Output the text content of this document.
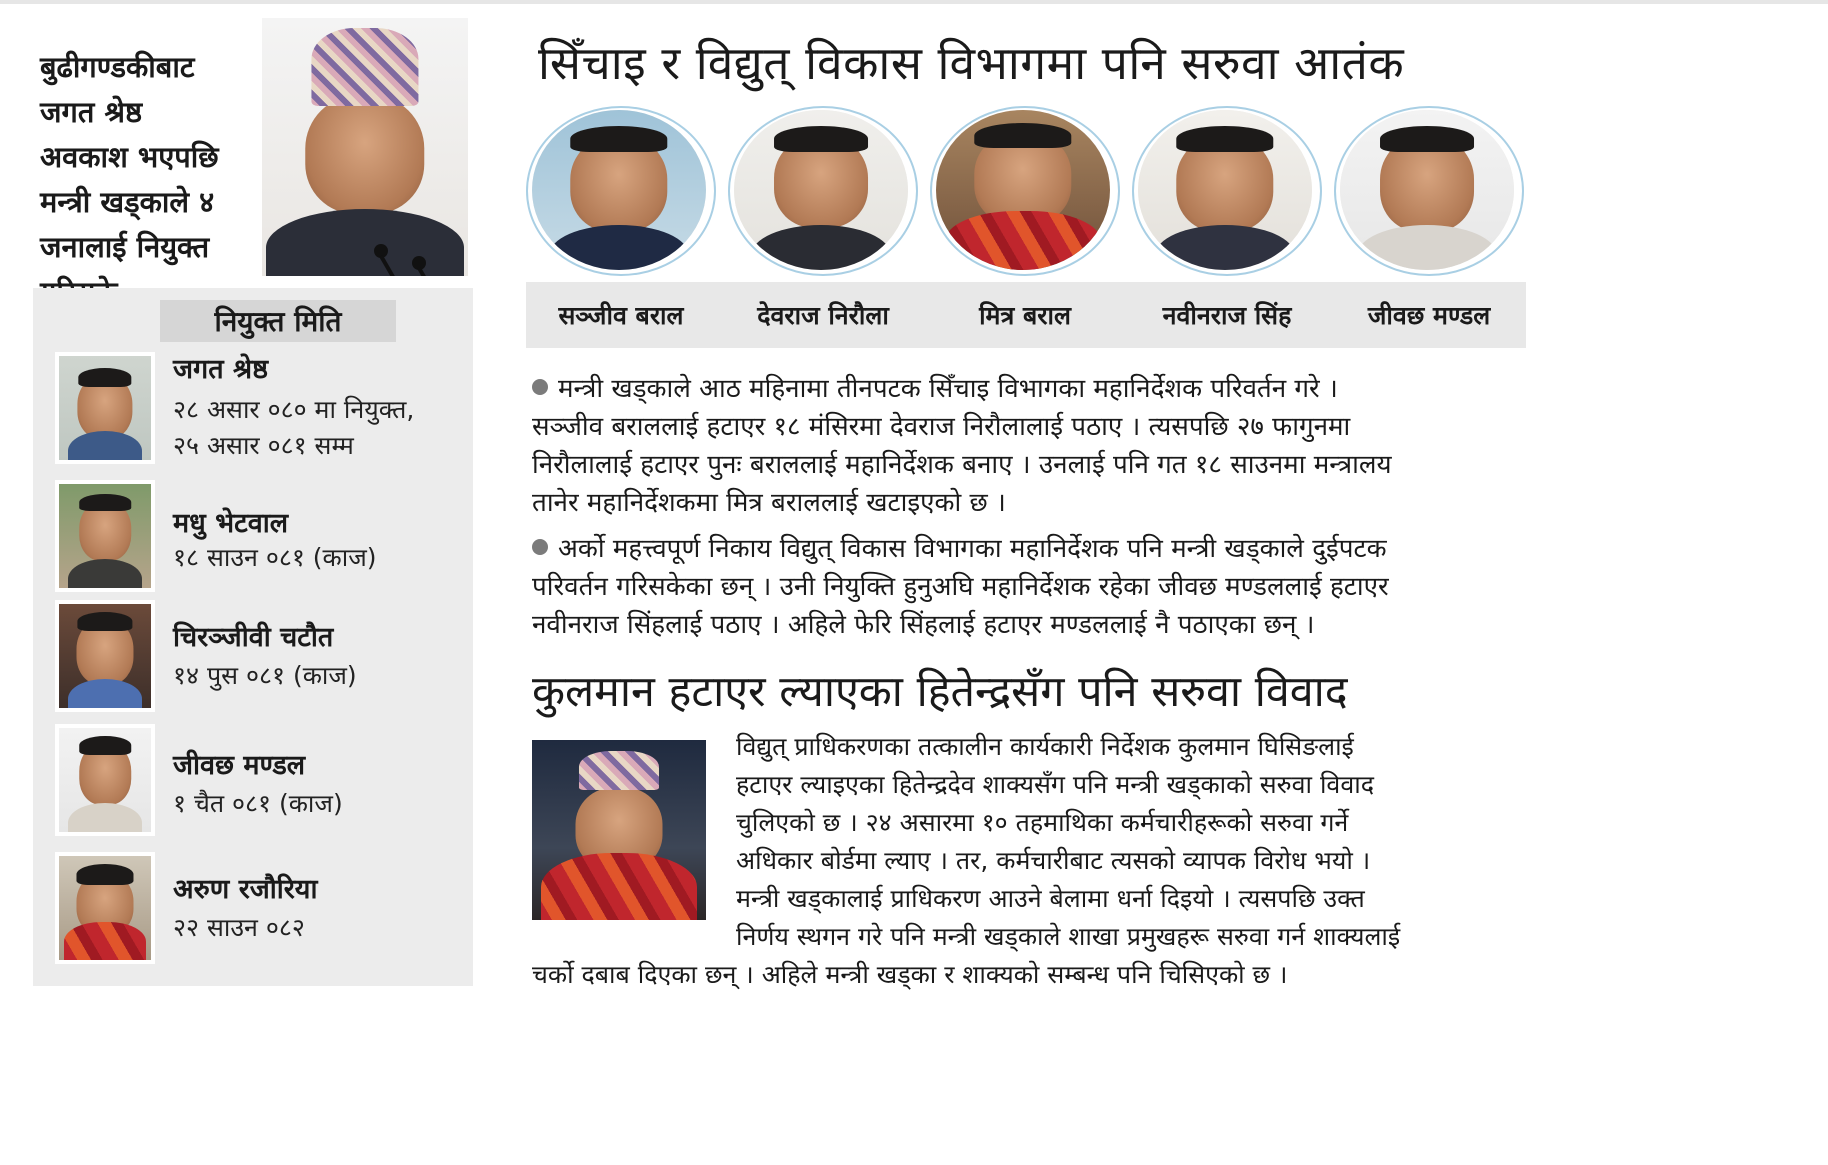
बुढीगण्डकीबाट
जगत श्रेष्ठ
अवकाश भएपछि
मन्त्री खड्काले ४
जनालाई नियुक्त
नियुक्त मिति
जगत श्रेष्ठ
२८ असार ०८० मा नियुक्त,
२५ असार ०८१ सम्म
मधु भेटवाल
१८ साउन ०८१ (काज)
चिरञ्जीवी चटौत
१४ पुस ०८१ (काज)
जीवछ मण्डल
१ चैत ०८१ (काज)
अरुण रजौरिया
२२ साउन ०८२
सिँचाइ र विद्युत् विकास विभागमा पनि सरुवा आतंक
सञ्जीव बराल	देवराज निरौला	मित्र बराल	नवीनराज सिंह	जीवछ मण्डल
मन्त्री खड्काले आठ महिनामा तीनपटक सिँचाइ विभागका महानिर्देशक परिवर्तन गरे ।
सञ्जीव बराललाई हटाएर १८ मंसिरमा देवराज निरौलालाई पठाए । त्यसपछि २७ फागुनमा
निरौलालाई हटाएर पुनः बराललाई महानिर्देशक बनाए । उनलाई पनि गत १८ साउनमा मन्त्रालय
तानेर महानिर्देशकमा मित्र बराललाई खटाइएको छ ।
अर्को महत्त्वपूर्ण निकाय विद्युत् विकास विभागका महानिर्देशक पनि मन्त्री खड्काले दुईपटक
परिवर्तन गरिसकेका छन् । उनी नियुक्ति हुनुअघि महानिर्देशक रहेका जीवछ मण्डललाई हटाएर
नवीनराज सिंहलाई पठाए । अहिले फेरि सिंहलाई हटाएर मण्डललाई नै पठाएका छन् ।
कुलमान हटाएर ल्याएका हितेन्द्रसँग पनि सरुवा विवाद
विद्युत् प्राधिकरणका तत्कालीन कार्यकारी निर्देशक कुलमान घिसिङलाई
हटाएर ल्याइएका हितेन्द्रदेव शाक्यसँग पनि मन्त्री खड्काको सरुवा विवाद
चुलिएको छ । २४ असारमा १० तहमाथिका कर्मचारीहरूको सरुवा गर्ने
अधिकार बोर्डमा ल्याए । तर, कर्मचारीबाट त्यसको व्यापक विरोध भयो ।
मन्त्री खड्कालाई प्राधिकरण आउने बेलामा धर्ना दिइयो । त्यसपछि उक्त
निर्णय स्थगन गरे पनि मन्त्री खड्काले शाखा प्रमुखहरू सरुवा गर्न शाक्यलाई
चर्को दबाब दिएका छन् । अहिले मन्त्री खड्का र शाक्यको सम्बन्ध पनि चिसिएको छ ।
